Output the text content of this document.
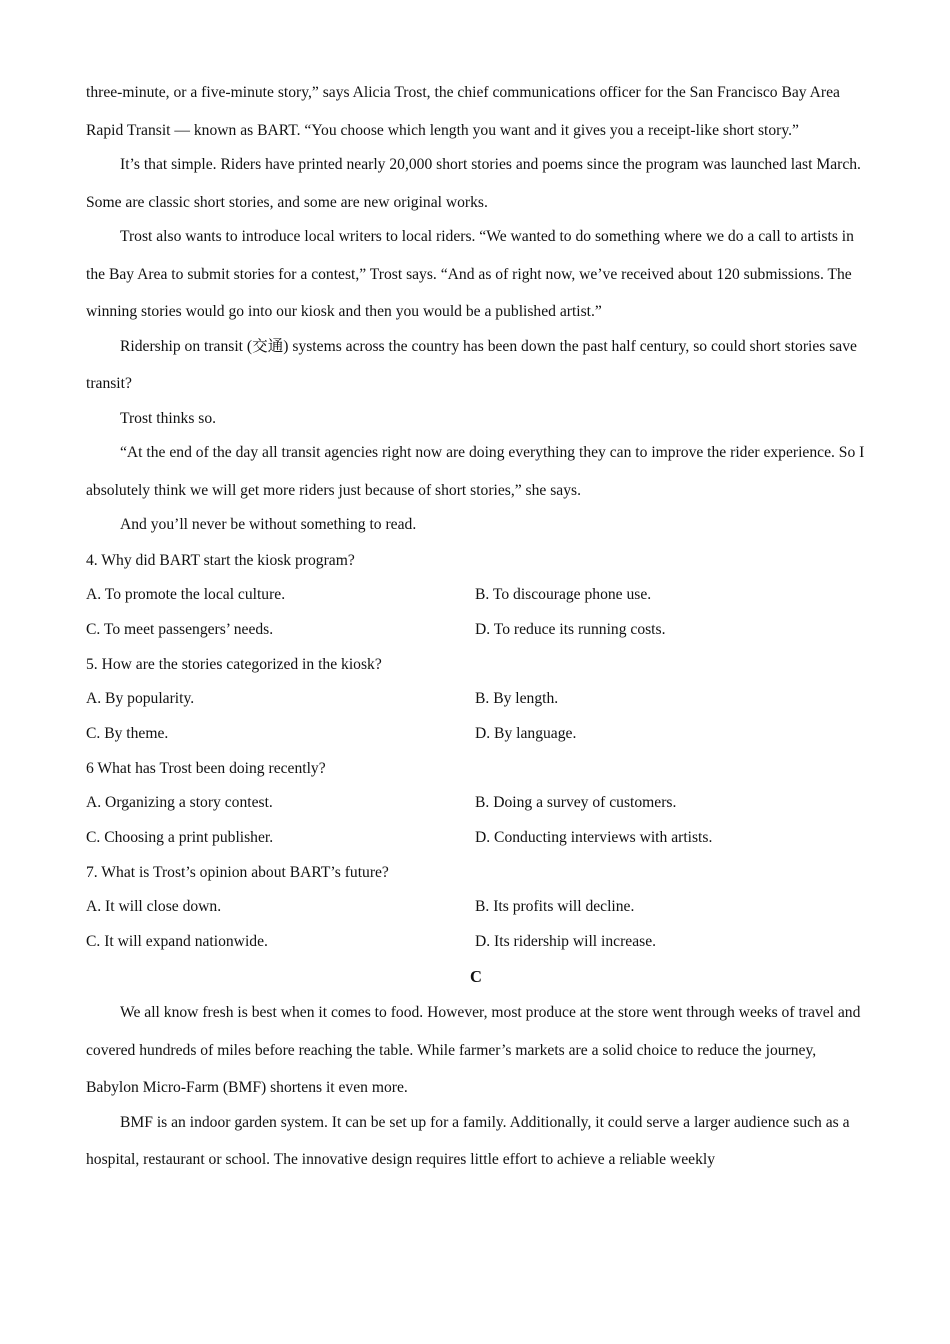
three-minute, or a five-minute story,” says Alicia Trost, the chief communications officer for the San Francisco Bay Area Rapid Transit — known as BART. “You choose which length you want and it gives you a receipt-like short story.”

It’s that simple. Riders have printed nearly 20,000 short stories and poems since the program was launched last March. Some are classic short stories, and some are new original works.

Trost also wants to introduce local writers to local riders. “We wanted to do something where we do a call to artists in the Bay Area to submit stories for a contest,” Trost says. “And as of right now, we’ve received about 120 submissions. The winning stories would go into our kiosk and then you would be a published artist.”

Ridership on transit (交通) systems across the country has been down the past half century, so could short stories save transit?

Trost thinks so.

“At the end of the day all transit agencies right now are doing everything they can to improve the rider experience. So I absolutely think we will get more riders just because of short stories,” she says.

And you’ll never be without something to read.

4. Why did BART start the kiosk program?

A. To promote the local culture.	B. To discourage phone use.
C. To meet passengers’ needs.	D. To reduce its running costs.

5. How are the stories categorized in the kiosk?

A. By popularity.	B. By length.
C. By theme.	D. By language.

6 What has Trost been doing recently?

A. Organizing a story contest.	B. Doing a survey of customers.
C. Choosing a print publisher.	D. Conducting interviews with artists.

7. What is Trost’s opinion about BART’s future?

A. It will close down.	B. Its profits will decline.
C. It will expand nationwide.	D. Its ridership will increase.
C

We all know fresh is best when it comes to food. However, most produce at the store went through weeks of travel and covered hundreds of miles before reaching the table. While farmer’s markets are a solid choice to reduce the journey, Babylon Micro-Farm (BMF) shortens it even more.

BMF is an indoor garden system. It can be set up for a family. Additionally, it could serve a larger audience such as a hospital, restaurant or school. The innovative design requires little effort to achieve a reliable weekly
